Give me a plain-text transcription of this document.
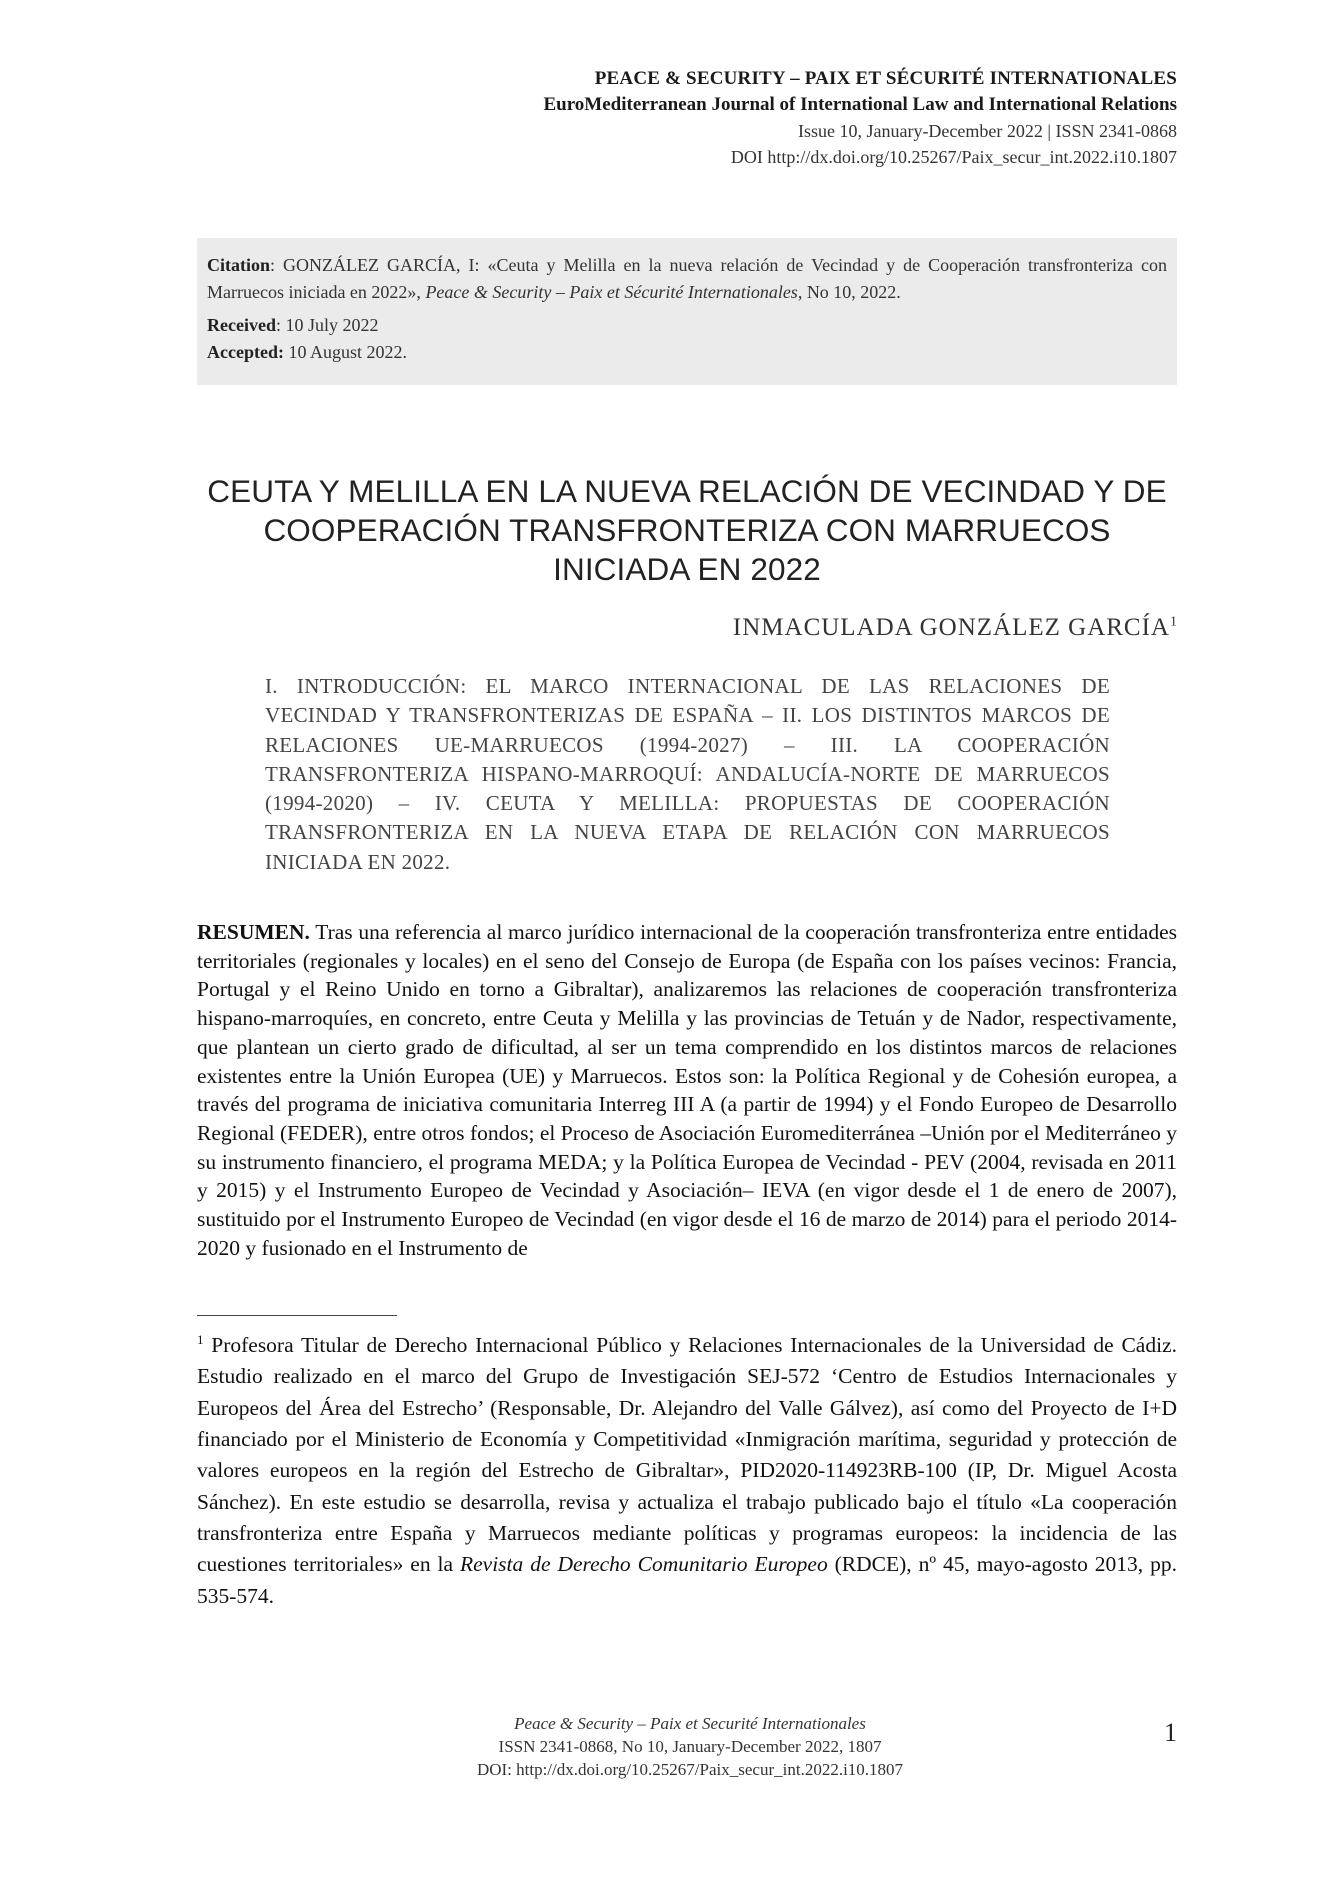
PEACE & SECURITY – PAIX ET SÉCURITÉ INTERNATIONALES
EuroMediterranean Journal of International Law and International Relations
Issue 10, January-December 2022 | ISSN 2341-0868
DOI http://dx.doi.org/10.25267/Paix_secur_int.2022.i10.1807
Citation: GONZÁLEZ GARCÍA, I: «Ceuta y Melilla en la nueva relación de Vecindad y de Cooperación transfronteriza con Marruecos iniciada en 2022», Peace & Security – Paix et Sécurité Internationales, No 10, 2022.
Received: 10 July 2022
Accepted: 10 August 2022.
CEUTA Y MELILLA EN LA NUEVA RELACIÓN DE VECINDAD Y DE COOPERACIÓN TRANSFRONTERIZA CON MARRUECOS INICIADA EN 2022
INMACULADA GONZÁLEZ GARCÍA$^1$
I. INTRODUCCIÓN: EL MARCO INTERNACIONAL DE LAS RELACIONES DE VECINDAD Y TRANSFRONTERIZAS DE ESPAÑA – II. LOS DISTINTOS MARCOS DE RELACIONES UE-MARRUECOS (1994-2027) – III. LA COOPERACIÓN TRANSFRONTERIZA HISPANO-MARROQUÍ: ANDALUCÍA-NORTE DE MARRUECOS (1994-2020) – IV. CEUTA Y MELILLA: PROPUESTAS DE COOPERACIÓN TRANSFRONTERIZA EN LA NUEVA ETAPA DE RELACIÓN CON MARRUECOS INICIADA EN 2022.
RESUMEN. Tras una referencia al marco jurídico internacional de la cooperación transfronteriza entre entidades territoriales (regionales y locales) en el seno del Consejo de Europa (de España con los países vecinos: Francia, Portugal y el Reino Unido en torno a Gibraltar), analizaremos las relaciones de cooperación transfronteriza hispano-marroquíes, en concreto, entre Ceuta y Melilla y las provincias de Tetuán y de Nador, respectivamente, que plantean un cierto grado de dificultad, al ser un tema comprendido en los distintos marcos de relaciones existentes entre la Unión Europea (UE) y Marruecos. Estos son: la Política Regional y de Cohesión europea, a través del programa de iniciativa comunitaria Interreg III A (a partir de 1994) y el Fondo Europeo de Desarrollo Regional (FEDER), entre otros fondos; el Proceso de Asociación Euromediterránea –Unión por el Mediterráneo y su instrumento financiero, el programa MEDA; y la Política Europea de Vecindad - PEV (2004, revisada en 2011 y 2015) y el Instrumento Europeo de Vecindad y Asociación– IEVA (en vigor desde el 1 de enero de 2007), sustituido por el Instrumento Europeo de Vecindad (en vigor desde el 16 de marzo de 2014) para el periodo 2014-2020 y fusionado en el Instrumento de
$^1$ Profesora Titular de Derecho Internacional Público y Relaciones Internacionales de la Universidad de Cádiz. Estudio realizado en el marco del Grupo de Investigación SEJ-572 ‘Centro de Estudios Internacionales y Europeos del Área del Estrecho’ (Responsable, Dr. Alejandro del Valle Gálvez), así como del Proyecto de I+D financiado por el Ministerio de Economía y Competitividad «Inmigración marítima, seguridad y protección de valores europeos en la región del Estrecho de Gibraltar», PID2020-114923RB-100 (IP, Dr. Miguel Acosta Sánchez). En este estudio se desarrolla, revisa y actualiza el trabajo publicado bajo el título «La cooperación transfronteriza entre España y Marruecos mediante políticas y programas europeos: la incidencia de las cuestiones territoriales» en la Revista de Derecho Comunitario Europeo (RDCE), nº 45, mayo-agosto 2013, pp. 535-574.
Peace & Security – Paix et Securité Internationales
ISSN 2341-0868, No 10, January-December 2022, 1807
DOI: http://dx.doi.org/10.25267/Paix_secur_int.2022.i10.1807
1
